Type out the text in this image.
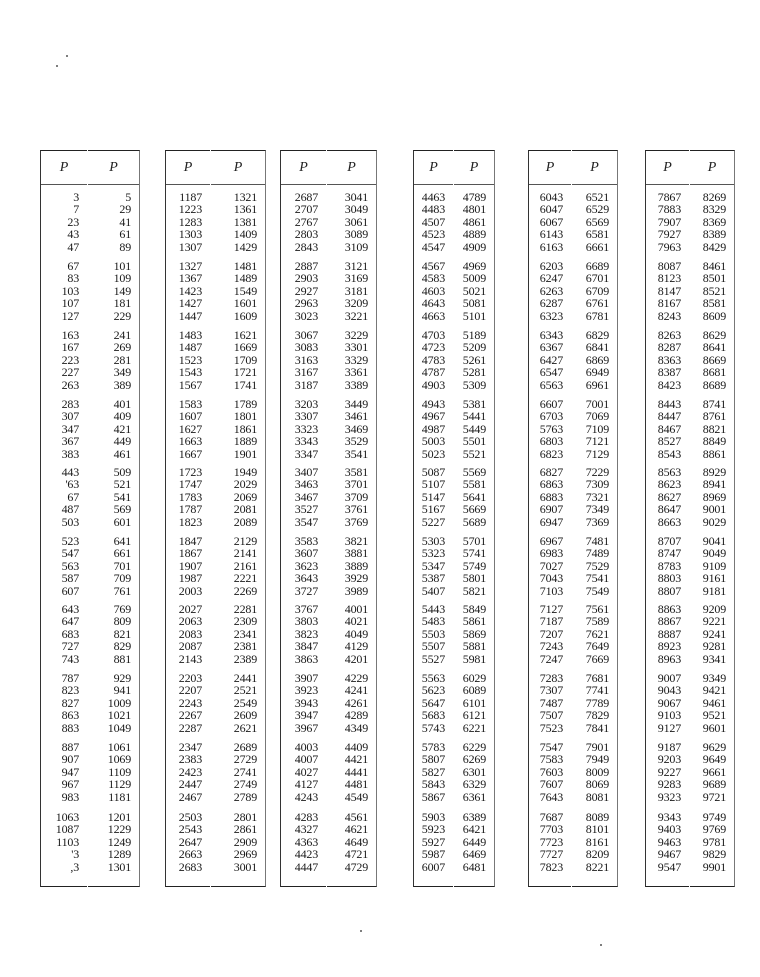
P
3
7
23
43
47
67
83
103
107
127
163
167
223
227
263
283
307
347
367
383
443
'63
67
487
503
523
547
563
587
607
643
647
683
727
743
787
823
827
863
883
887
907
947
967
983
1063
1087
1103
'3
,3
P
5
29
41
61
89
101
109
149
181
229
241
269
281
349
389
401
409
421
449
461
509
521
541
569
601
641
661
701
709
761
769
809
821
829
881
929
941
1009
1021
1049
1061
1069
1109
1129
1181
1201
1229
1249
1289
1301
P
1187
1223
1283
1303
1307
1327
1367
1423
1427
1447
1483
1487
1523
1543
1567
1583
1607
1627
1663
1667
1723
1747
1783
1787
1823
1847
1867
1907
1987
2003
2027
2063
2083
2087
2143
2203
2207
2243
2267
2287
2347
2383
2423
2447
2467
2503
2543
2647
2663
2683
P
1321
1361
1381
1409
1429
1481
1489
1549
1601
1609
1621
1669
1709
1721
1741
1789
1801
1861
1889
1901
1949
2029
2069
2081
2089
2129
2141
2161
2221
2269
2281
2309
2341
2381
2389
2441
2521
2549
2609
2621
2689
2729
2741
2749
2789
2801
2861
2909
2969
3001
P
2687
2707
2767
2803
2843
2887
2903
2927
2963
3023
3067
3083
3163
3167
3187
3203
3307
3323
3343
3347
3407
3463
3467
3527
3547
3583
3607
3623
3643
3727
3767
3803
3823
3847
3863
3907
3923
3943
3947
3967
4003
4007
4027
4127
4243
4283
4327
4363
4423
4447
P
3041
3049
3061
3089
3109
3121
3169
3181
3209
3221
3229
3301
3329
3361
3389
3449
3461
3469
3529
3541
3581
3701
3709
3761
3769
3821
3881
3889
3929
3989
4001
4021
4049
4129
4201
4229
4241
4261
4289
4349
4409
4421
4441
4481
4549
4561
4621
4649
4721
4729
P
4463
4483
4507
4523
4547
4567
4583
4603
4643
4663
4703
4723
4783
4787
4903
4943
4967
4987
5003
5023
5087
5107
5147
5167
5227
5303
5323
5347
5387
5407
5443
5483
5503
5507
5527
5563
5623
5647
5683
5743
5783
5807
5827
5843
5867
5903
5923
5927
5987
6007
P
4789
4801
4861
4889
4909
4969
5009
5021
5081
5101
5189
5209
5261
5281
5309
5381
5441
5449
5501
5521
5569
5581
5641
5669
5689
5701
5741
5749
5801
5821
5849
5861
5869
5881
5981
6029
6089
6101
6121
6221
6229
6269
6301
6329
6361
6389
6421
6449
6469
6481
P
6043
6047
6067
6143
6163
6203
6247
6263
6287
6323
6343
6367
6427
6547
6563
6607
6703
5763
6803
6823
6827
6863
6883
6907
6947
6967
6983
7027
7043
7103
7127
7187
7207
7243
7247
7283
7307
7487
7507
7523
7547
7583
7603
7607
7643
7687
7703
7723
7727
7823
P
6521
6529
6569
6581
6661
6689
6701
6709
6761
6781
6829
6841
6869
6949
6961
7001
7069
7109
7121
7129
7229
7309
7321
7349
7369
7481
7489
7529
7541
7549
7561
7589
7621
7649
7669
7681
7741
7789
7829
7841
7901
7949
8009
8069
8081
8089
8101
8161
8209
8221
P
7867
7883
7907
7927
7963
8087
8123
8147
8167
8243
8263
8287
8363
8387
8423
8443
8447
8467
8527
8543
8563
8623
8627
8647
8663
8707
8747
8783
8803
8807
8863
8867
8887
8923
8963
9007
9043
9067
9103
9127
9187
9203
9227
9283
9323
9343
9403
9463
9467
9547
P
8269
8329
8369
8389
8429
8461
8501
8521
8581
8609
8629
8641
8669
8681
8689
8741
8761
8821
8849
8861
8929
8941
8969
9001
9029
9041
9049
9109
9161
9181
9209
9221
9241
9281
9341
9349
9421
9461
9521
9601
9629
9649
9661
9689
9721
9749
9769
9781
9829
9901
